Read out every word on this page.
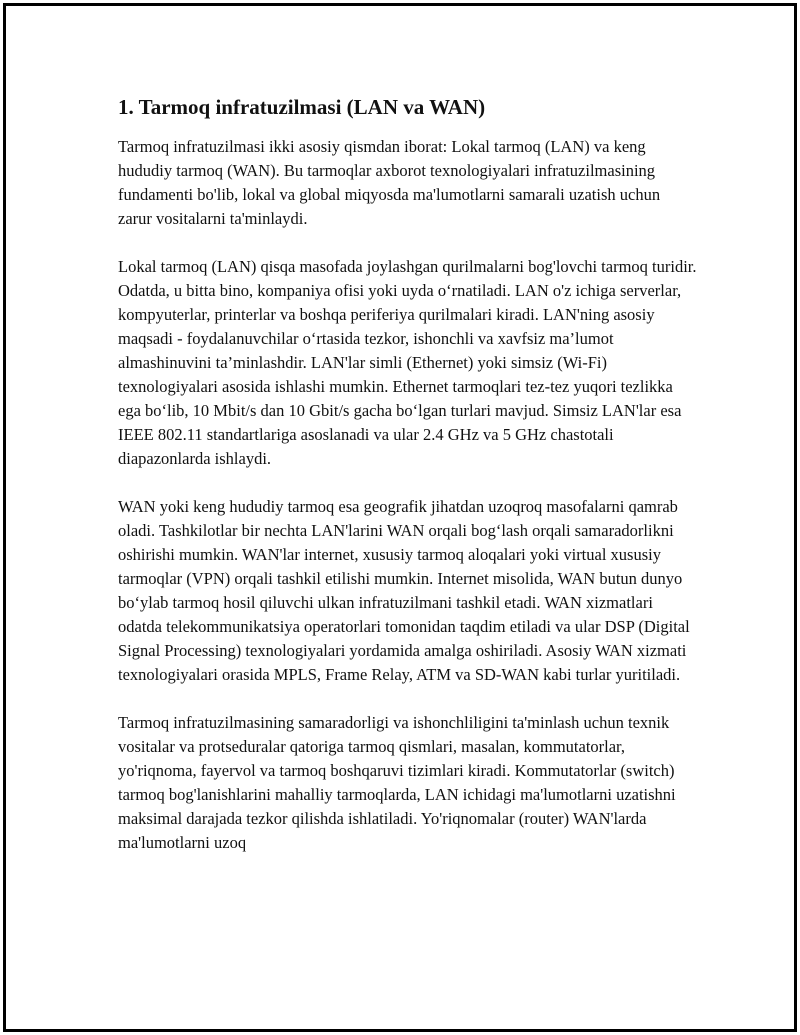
1. Tarmoq infratuzilmasi (LAN va WAN)

Tarmoq infratuzilmasi ikki asosiy qismdan iborat: Lokal tarmoq (LAN) va keng hududiy tarmoq (WAN). Bu tarmoqlar axborot texnologiyalari infratuzilmasining fundamenti bo'lib, lokal va global miqyosda ma'lumotlarni samarali uzatish uchun zarur vositalarni ta'minlaydi.

Lokal tarmoq (LAN) qisqa masofada joylashgan qurilmalarni bog'lovchi tarmoq turidir. Odatda, u bitta bino, kompaniya ofisi yoki uyda o‘rnatiladi. LAN o'z ichiga serverlar, kompyuterlar, printerlar va boshqa periferiya qurilmalari kiradi. LAN'ning asosiy maqsadi - foydalanuvchilar o‘rtasida tezkor, ishonchli va xavfsiz ma’lumot almashinuvini ta’minlashdir. LAN'lar simli (Ethernet) yoki simsiz (Wi-Fi) texnologiyalari asosida ishlashi mumkin. Ethernet tarmoqlari tez-tez yuqori tezlikka ega bo‘lib, 10 Mbit/s dan 10 Gbit/s gacha bo‘lgan turlari mavjud. Simsiz LAN'lar esa IEEE 802.11 standartlariga asoslanadi va ular 2.4 GHz va 5 GHz chastotali diapazonlarda ishlaydi.

WAN yoki keng hududiy tarmoq esa geografik jihatdan uzoqroq masofalarni qamrab oladi. Tashkilotlar bir nechta LAN'larini WAN orqali bog‘lash orqali samaradorlikni oshirishi mumkin. WAN'lar internet, xususiy tarmoq aloqalari yoki virtual xususiy tarmoqlar (VPN) orqali tashkil etilishi mumkin. Internet misolida, WAN butun dunyo bo‘ylab tarmoq hosil qiluvchi ulkan infratuzilmani tashkil etadi. WAN xizmatlari odatda telekommunikatsiya operatorlari tomonidan taqdim etiladi va ular DSP (Digital Signal Processing) texnologiyalari yordamida amalga oshiriladi. Asosiy WAN xizmati texnologiyalari orasida MPLS, Frame Relay, ATM va SD-WAN kabi turlar yuritiladi.

Tarmoq infratuzilmasining samaradorligi va ishonchliligini ta'minlash uchun texnik vositalar va protseduralar qatoriga tarmoq qismlari, masalan, kommutatorlar, yo'riqnoma, fayervol va tarmoq boshqaruvi tizimlari kiradi. Kommutatorlar (switch) tarmoq bog'lanishlarini mahalliy tarmoqlarda, LAN ichidagi ma'lumotlarni uzatishni maksimal darajada tezkor qilishda ishlatiladi. Yo'riqnomalar (router) WAN'larda ma'lumotlarni uzoq
